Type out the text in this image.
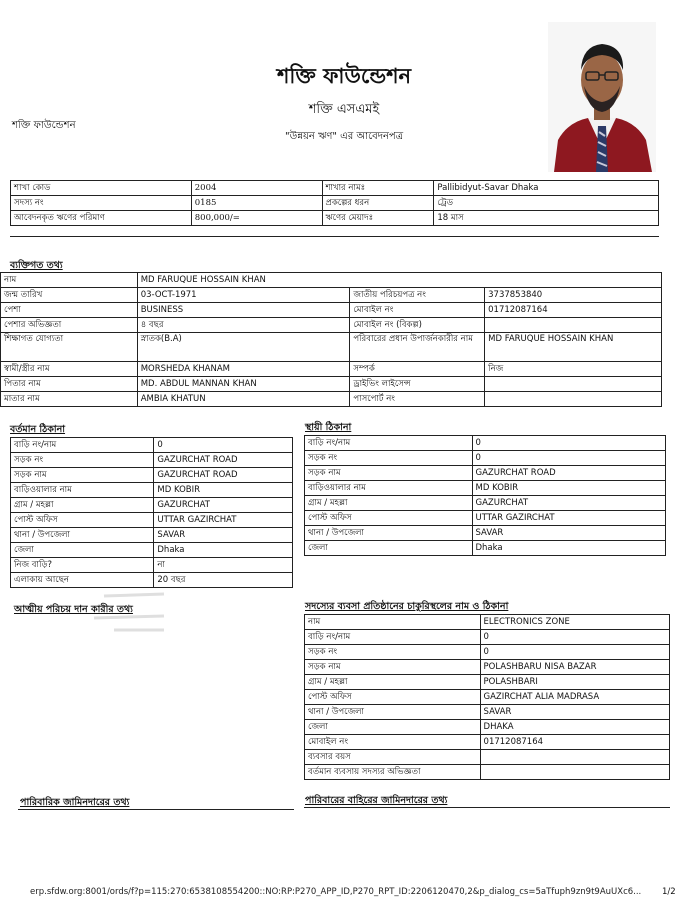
শক্তি ফাউন্ডেশন
শক্তি এসএমই
"উন্নয়ন ঋণ" এর আবেদনপত্র
শক্তি ফাউন্ডেশন
শাখা কোড	2004	শাখার নামঃ	Pallibidyut-Savar Dhaka
সদস্য নং	0185	প্রকল্পের ধরন	ট্রেড
আবেদনকৃত ঋণের পরিমাণ	800,000/=	ঋণের মেয়াদঃ	18 মাস
ব্যক্তিগত তথ্য
নাম	MD FARUQUE HOSSAIN KHAN		
জন্ম তারিখ	03-OCT-1971	জাতীয় পরিচয়পত্র নং	3737853840
পেশা	BUSINESS	মোবাইল নং	01712087164
পেশার অভিজ্ঞতা	৪ বছর	মোবাইল নং (বিকল্প)	
শিক্ষাগত যোগ্যতা	স্নাতক(B.A)	পরিবারের প্রধান উপার্জনকারীর নাম	MD FARUQUE HOSSAIN KHAN
স্বামী/স্ত্রীর নাম	MORSHEDA KHANAM	সম্পর্ক	নিজ
পিতার নাম	MD. ABDUL MANNAN KHAN	ড্রাইভিং লাইসেন্স	
মাতার নাম	AMBIA KHATUN	পাসপোর্ট নং	
বর্তমান ঠিকানা
বাড়ি নং/নাম	0
সড়ক নং	GAZURCHAT ROAD
সড়ক নাম	GAZURCHAT ROAD
বাড়িওয়ালার নাম	MD KOBIR
গ্রাম / মহল্লা	GAZURCHAT
পোস্ট অফিস	UTTAR GAZIRCHAT
থানা / উপজেলা	SAVAR
জেলা	Dhaka
নিজ বাড়ি?	না
এলাকায় আছেন	20 বছর
স্থায়ী ঠিকানা
বাড়ি নং/নাম	0
সড়ক নং	0
সড়ক নাম	GAZURCHAT ROAD
বাড়িওয়ালার নাম	MD KOBIR
গ্রাম / মহল্লা	GAZURCHAT
পোস্ট অফিস	UTTAR GAZIRCHAT
থানা / উপজেলা	SAVAR
জেলা	Dhaka
আত্মীয় পরিচয় দান কারীর তথ্য	সদস্যের ব্যবসা প্রতিষ্ঠানের চাকুরিস্থলের নাম ও ঠিকানা
নাম	ELECTRONICS ZONE
বাড়ি নং/নাম	0
সড়ক নং	0
সড়ক নাম	POLASHBARU NISA BAZAR
গ্রাম / মহল্লা	POLASHBARI
পোস্ট অফিস	GAZIRCHAT ALIA MADRASA
থানা / উপজেলা	SAVAR
জেলা	DHAKA
মোবাইল নং	01712087164
ব্যবসার বয়স	
বর্তমান ব্যবসায় সদস্যর অভিজ্ঞতা	
পারিবারিক জামিনদারের তথ্য	পারিবারের বাহিরের জামিনদারের তথ্য
erp.sfdw.org:8001/ords/f?p=115:270:6538108554200::NO:RP:P270_APP_ID,P270_RPT_ID:2206120470,2&p_dialog_cs=5aTfuph9zn9t9AuUXc6... 1/2
